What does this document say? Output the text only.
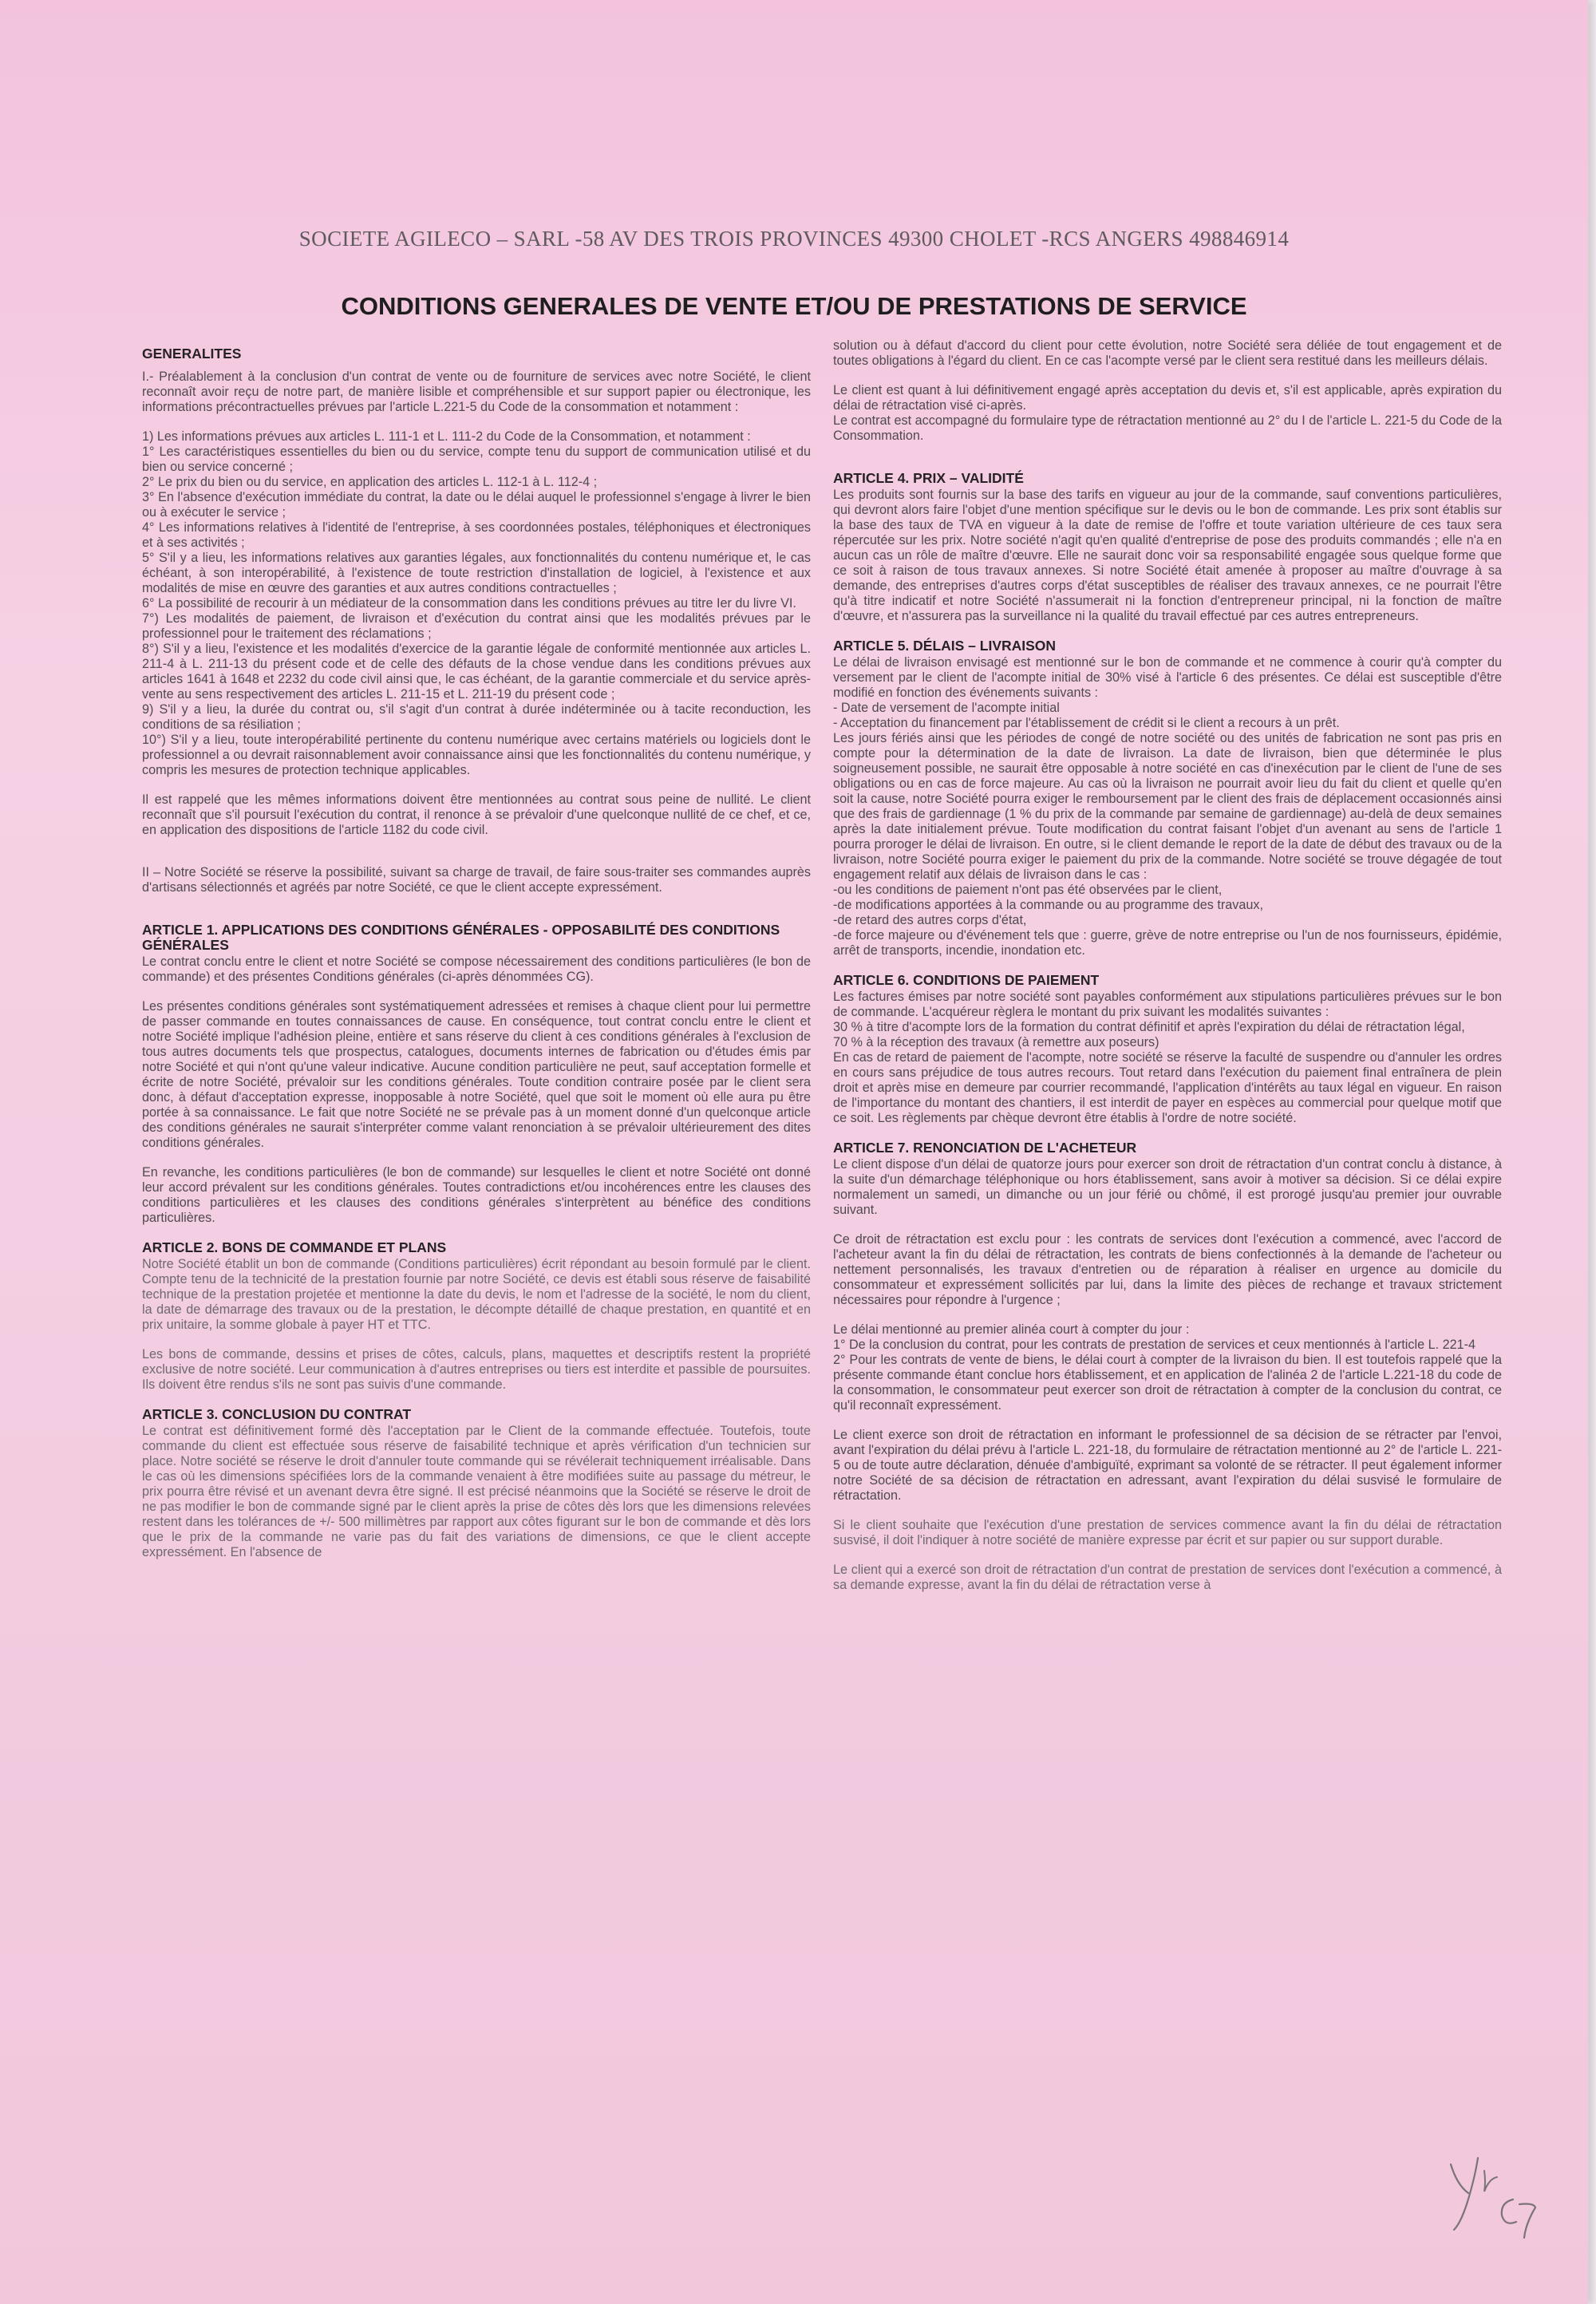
SOCIETE AGILECO – SARL -58 AV DES TROIS PROVINCES 49300 CHOLET -RCS ANGERS 498846914
CONDITIONS GENERALES DE VENTE ET/OU DE PRESTATIONS DE SERVICE
GENERALITES

I.- Préalablement à la conclusion d'un contrat de vente ou de fourniture de services avec notre Société, le client reconnaît avoir reçu de notre part, de manière lisible et compréhensible et sur support papier ou électronique, les informations précontractuelles prévues par l'article L.221-5 du Code de la consommation et notamment :

1) Les informations prévues aux articles L. 111-1 et L. 111-2 du Code de la Consommation, et notamment :

1° Les caractéristiques essentielles du bien ou du service, compte tenu du support de communication utilisé et du bien ou service concerné ;

2° Le prix du bien ou du service, en application des articles L. 112-1 à L. 112-4 ;

3° En l'absence d'exécution immédiate du contrat, la date ou le délai auquel le professionnel s'engage à livrer le bien ou à exécuter le service ;

4° Les informations relatives à l'identité de l'entreprise, à ses coordonnées postales, téléphoniques et électroniques et à ses activités ;

5° S'il y a lieu, les informations relatives aux garanties légales, aux fonctionnalités du contenu numérique et, le cas échéant, à son interopérabilité, à l'existence de toute restriction d'installation de logiciel, à l'existence et aux modalités de mise en œuvre des garanties et aux autres conditions contractuelles ;

6° La possibilité de recourir à un médiateur de la consommation dans les conditions prévues au titre Ier du livre VI.

7°) Les modalités de paiement, de livraison et d'exécution du contrat ainsi que les modalités prévues par le professionnel pour le traitement des réclamations ;

8°) S'il y a lieu, l'existence et les modalités d'exercice de la garantie légale de conformité mentionnée aux articles L. 211-4 à L. 211-13 du présent code et de celle des défauts de la chose vendue dans les conditions prévues aux articles 1641 à 1648 et 2232 du code civil ainsi que, le cas échéant, de la garantie commerciale et du service après-vente au sens respectivement des articles L. 211-15 et L. 211-19 du présent code ;

9) S'il y a lieu, la durée du contrat ou, s'il s'agit d'un contrat à durée indéterminée ou à tacite reconduction, les conditions de sa résiliation ;

10°) S'il y a lieu, toute interopérabilité pertinente du contenu numérique avec certains matériels ou logiciels dont le professionnel a ou devrait raisonnablement avoir connaissance ainsi que les fonctionnalités du contenu numérique, y compris les mesures de protection technique applicables.

Il est rappelé que les mêmes informations doivent être mentionnées au contrat sous peine de nullité. Le client reconnaît que s'il poursuit l'exécution du contrat, il renonce à se prévaloir d'une quelconque nullité de ce chef, et ce, en application des dispositions de l'article 1182 du code civil.

II – Notre Société se réserve la possibilité, suivant sa charge de travail, de faire sous-traiter ses commandes auprès d'artisans sélectionnés et agréés par notre Société, ce que le client accepte expressément.

ARTICLE 1. APPLICATIONS DES CONDITIONS GÉNÉRALES - OPPOSABILITÉ DES CONDITIONS GÉNÉRALES

Le contrat conclu entre le client et notre Société se compose nécessairement des conditions particulières (le bon de commande) et des présentes Conditions générales (ci-après dénommées CG).

Les présentes conditions générales sont systématiquement adressées et remises à chaque client pour lui permettre de passer commande en toutes connaissances de cause. En conséquence, tout contrat conclu entre le client et notre Société implique l'adhésion pleine, entière et sans réserve du client à ces conditions générales à l'exclusion de tous autres documents tels que prospectus, catalogues, documents internes de fabrication ou d'études émis par notre Société et qui n'ont qu'une valeur indicative. Aucune condition particulière ne peut, sauf acceptation formelle et écrite de notre Société, prévaloir sur les conditions générales. Toute condition contraire posée par le client sera donc, à défaut d'acceptation expresse, inopposable à notre Société, quel que soit le moment où elle aura pu être portée à sa connaissance. Le fait que notre Société ne se prévale pas à un moment donné d'un quelconque article des conditions générales ne saurait s'interpréter comme valant renonciation à se prévaloir ultérieurement des dites conditions générales.

En revanche, les conditions particulières (le bon de commande) sur lesquelles le client et notre Société ont donné leur accord prévalent sur les conditions générales. Toutes contradictions et/ou incohérences entre les clauses des conditions particulières et les clauses des conditions générales s'interprètent au bénéfice des conditions particulières.

ARTICLE 2. BONS DE COMMANDE ET PLANS

Notre Société établit un bon de commande (Conditions particulières) écrit répondant au besoin formulé par le client. Compte tenu de la technicité de la prestation fournie par notre Société, ce devis est établi sous réserve de faisabilité technique de la prestation projetée et mentionne la date du devis, le nom et l'adresse de la société, le nom du client, la date de démarrage des travaux ou de la prestation, le décompte détaillé de chaque prestation, en quantité et en prix unitaire, la somme globale à payer HT et TTC.

Les bons de commande, dessins et prises de côtes, calculs, plans, maquettes et descriptifs restent la propriété exclusive de notre société. Leur communication à d'autres entreprises ou tiers est interdite et passible de poursuites. Ils doivent être rendus s'ils ne sont pas suivis d'une commande.

ARTICLE 3. CONCLUSION DU CONTRAT

Le contrat est définitivement formé dès l'acceptation par le Client de la commande effectuée. Toutefois, toute commande du client est effectuée sous réserve de faisabilité technique et après vérification d'un technicien sur place. Notre société se réserve le droit d'annuler toute commande qui se révélerait techniquement irréalisable. Dans le cas où les dimensions spécifiées lors de la commande venaient à être modifiées suite au passage du métreur, le prix pourra être révisé et un avenant devra être signé. Il est précisé néanmoins que la Société se réserve le droit de ne pas modifier le bon de commande signé par le client après la prise de côtes dès lors que les dimensions relevées restent dans les tolérances de +/- 500 millimètres par rapport aux côtes figurant sur le bon de commande et dès lors que le prix de la commande ne varie pas du fait des variations de dimensions, ce que le client accepte expressément. En l'absence de

solution ou à défaut d'accord du client pour cette évolution, notre Société sera déliée de tout engagement et de toutes obligations à l'égard du client. En ce cas l'acompte versé par le client sera restitué dans les meilleurs délais.

Le client est quant à lui définitivement engagé après acceptation du devis et, s'il est applicable, après expiration du délai de rétractation visé ci-après.

Le contrat est accompagné du formulaire type de rétractation mentionné au 2° du I de l'article L. 221-5 du Code de la Consommation.

ARTICLE 4. PRIX – VALIDITÉ

Les produits sont fournis sur la base des tarifs en vigueur au jour de la commande, sauf conventions particulières, qui devront alors faire l'objet d'une mention spécifique sur le devis ou le bon de commande. Les prix sont établis sur la base des taux de TVA en vigueur à la date de remise de l'offre et toute variation ultérieure de ces taux sera répercutée sur les prix. Notre société n'agit qu'en qualité d'entreprise de pose des produits commandés ; elle n'a en aucun cas un rôle de maître d'œuvre. Elle ne saurait donc voir sa responsabilité engagée sous quelque forme que ce soit à raison de tous travaux annexes. Si notre Société était amenée à proposer au maître d'ouvrage à sa demande, des entreprises d'autres corps d'état susceptibles de réaliser des travaux annexes, ce ne pourrait l'être qu'à titre indicatif et notre Société n'assumerait ni la fonction d'entrepreneur principal, ni la fonction de maître d'œuvre, et n'assurera pas la surveillance ni la qualité du travail effectué par ces autres entrepreneurs.

ARTICLE 5. DÉLAIS – LIVRAISON

Le délai de livraison envisagé est mentionné sur le bon de commande et ne commence à courir qu'à compter du versement par le client de l'acompte initial de 30% visé à l'article 6 des présentes. Ce délai est susceptible d'être modifié en fonction des événements suivants :

- Date de versement de l'acompte initial

- Acceptation du financement par l'établissement de crédit si le client a recours à un prêt.

Les jours fériés ainsi que les périodes de congé de notre société ou des unités de fabrication ne sont pas pris en compte pour la détermination de la date de livraison. La date de livraison, bien que déterminée le plus soigneusement possible, ne saurait être opposable à notre société en cas d'inexécution par le client de l'une de ses obligations ou en cas de force majeure. Au cas où la livraison ne pourrait avoir lieu du fait du client et quelle qu'en soit la cause, notre Société pourra exiger le remboursement par le client des frais de déplacement occasionnés ainsi que des frais de gardiennage (1 % du prix de la commande par semaine de gardiennage) au-delà de deux semaines après la date initialement prévue. Toute modification du contrat faisant l'objet d'un avenant au sens de l'article 1 pourra proroger le délai de livraison. En outre, si le client demande le report de la date de début des travaux ou de la livraison, notre Société pourra exiger le paiement du prix de la commande. Notre société se trouve dégagée de tout engagement relatif aux délais de livraison dans le cas :

-ou les conditions de paiement n'ont pas été observées par le client,

-de modifications apportées à la commande ou au programme des travaux,

-de retard des autres corps d'état,

-de force majeure ou d'événement tels que : guerre, grève de notre entreprise ou l'un de nos fournisseurs, épidémie, arrêt de transports, incendie, inondation etc.

ARTICLE 6. CONDITIONS DE PAIEMENT

Les factures émises par notre société sont payables conformément aux stipulations particulières prévues sur le bon de commande. L'acquéreur règlera le montant du prix suivant les modalités suivantes :

30 % à titre d'acompte lors de la formation du contrat définitif et après l'expiration du délai de rétractation légal,

70 % à la réception des travaux (à remettre aux poseurs)

En cas de retard de paiement de l'acompte, notre société se réserve la faculté de suspendre ou d'annuler les ordres en cours sans préjudice de tous autres recours. Tout retard dans l'exécution du paiement final entraînera de plein droit et après mise en demeure par courrier recommandé, l'application d'intérêts au taux légal en vigueur. En raison de l'importance du montant des chantiers, il est interdit de payer en espèces au commercial pour quelque motif que ce soit. Les règlements par chèque devront être établis à l'ordre de notre société.

ARTICLE 7. RENONCIATION DE L'ACHETEUR

Le client dispose d'un délai de quatorze jours pour exercer son droit de rétractation d'un contrat conclu à distance, à la suite d'un démarchage téléphonique ou hors établissement, sans avoir à motiver sa décision. Si ce délai expire normalement un samedi, un dimanche ou un jour férié ou chômé, il est prorogé jusqu'au premier jour ouvrable suivant.

Ce droit de rétractation est exclu pour : les contrats de services dont l'exécution a commencé, avec l'accord de l'acheteur avant la fin du délai de rétractation, les contrats de biens confectionnés à la demande de l'acheteur ou nettement personnalisés, les travaux d'entretien ou de réparation à réaliser en urgence au domicile du consommateur et expressément sollicités par lui, dans la limite des pièces de rechange et travaux strictement nécessaires pour répondre à l'urgence ;

Le délai mentionné au premier alinéa court à compter du jour :

1° De la conclusion du contrat, pour les contrats de prestation de services et ceux mentionnés à l'article L. 221-4

2° Pour les contrats de vente de biens, le délai court à compter de la livraison du bien. Il est toutefois rappelé que la présente commande étant conclue hors établissement, et en application de l'alinéa 2 de l'article L.221-18 du code de la consommation, le consommateur peut exercer son droit de rétractation à compter de la conclusion du contrat, ce qu'il reconnaît expressément.

Le client exerce son droit de rétractation en informant le professionnel de sa décision de se rétracter par l'envoi, avant l'expiration du délai prévu à l'article L. 221-18, du formulaire de rétractation mentionné au 2° de l'article L. 221-5 ou de toute autre déclaration, dénuée d'ambiguïté, exprimant sa volonté de se rétracter. Il peut également informer notre Société de sa décision de rétractation en adressant, avant l'expiration du délai susvisé le formulaire de rétractation.

Si le client souhaite que l'exécution d'une prestation de services commence avant la fin du délai de rétractation susvisé, il doit l'indiquer à notre société de manière expresse par écrit et sur papier ou sur support durable.

Le client qui a exercé son droit de rétractation d'un contrat de prestation de services dont l'exécution a commencé, à sa demande expresse, avant la fin du délai de rétractation verse à
